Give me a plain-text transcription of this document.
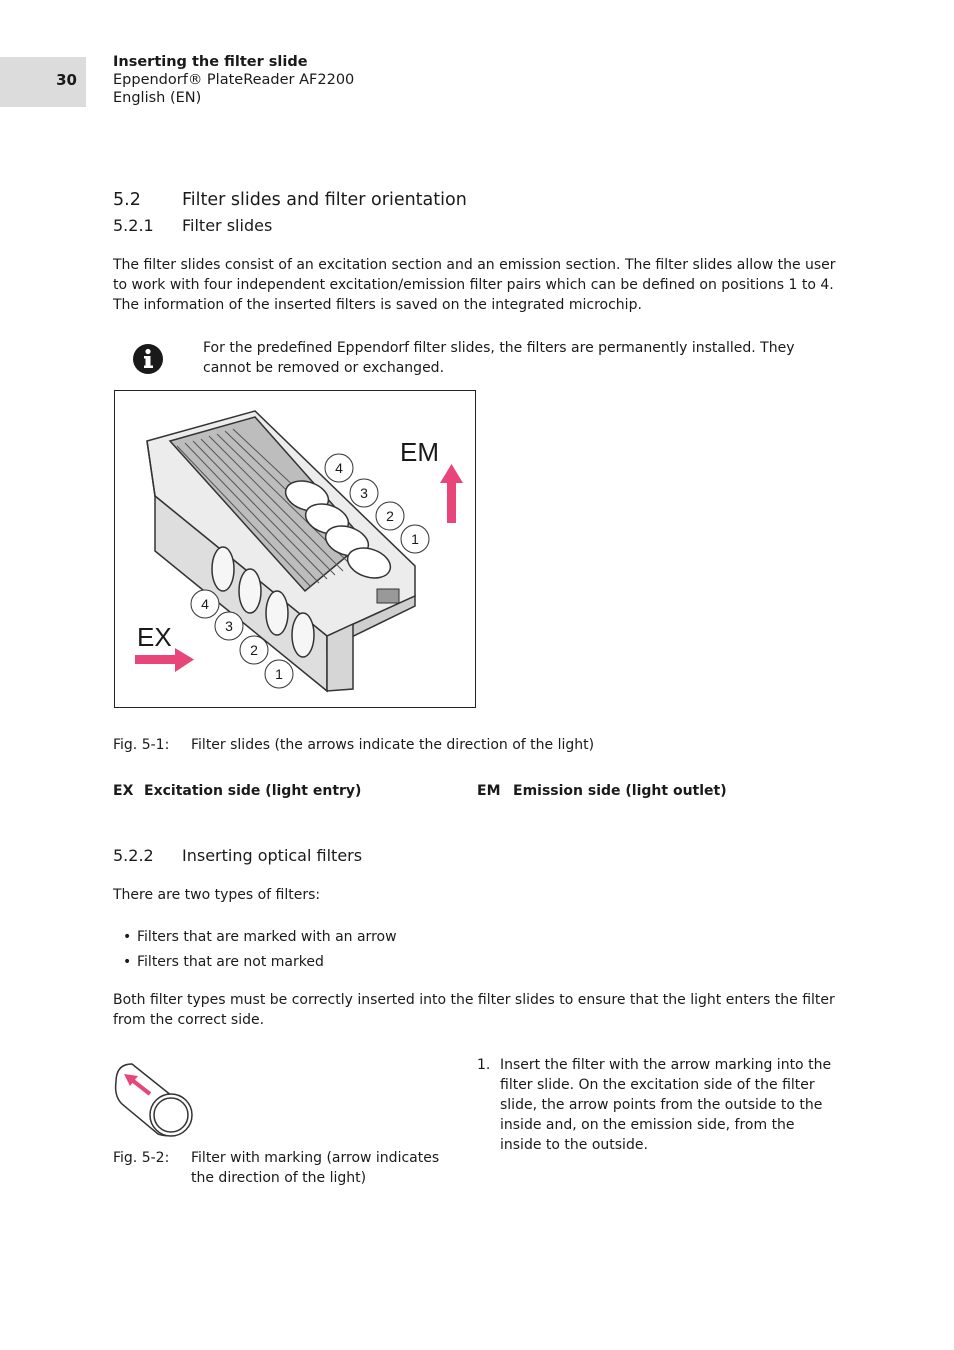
30
Inserting the filter slide
Eppendorf® PlateReader AF2200
English (EN)
5.2 Filter slides and filter orientation
5.2.1 Filter slides
The filter slides consist of an excitation section and an emission section. The filter slides allow the user to work with four independent excitation/emission filter pairs which can be defined on positions 1 to 4. The information of the inserted filters is saved on the integrated microchip.
For the predefined Eppendorf filter slides, the filters are permanently installed. They cannot be removed or exchanged.
EM
EX
4
3
2
1
4
3
2
1
Fig. 5-1: Filter slides (the arrows indicate the direction of the light)
EX Excitation side (light entry)	EM Emission side (light outlet)
5.2.2 Inserting optical filters
There are two types of filters:
• Filters that are marked with an arrow
• Filters that are not marked
Both filter types must be correctly inserted into the filter slides to ensure that the light enters the filter from the correct side.
Fig. 5-2: Filter with marking (arrow indicates the direction of the light)
1. Insert the filter with the arrow marking into the filter slide. On the excitation side of the filter slide, the arrow points from the outside to the inside and, on the emission side, from the inside to the outside.
